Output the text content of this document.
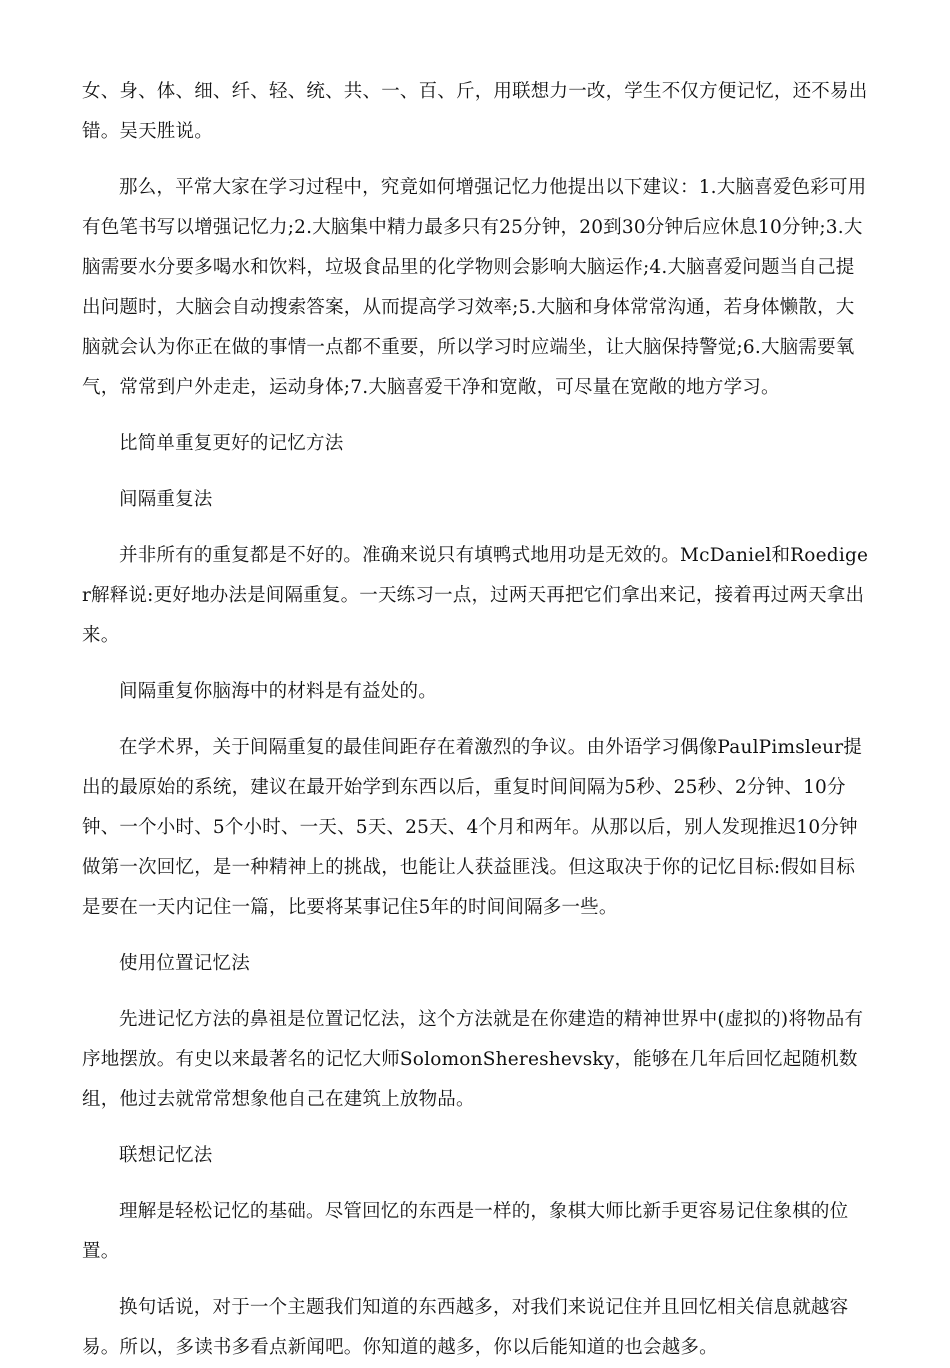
女、身、体、细、纤、轻、统、共、一、百、斤，用联想力一改，学生不仅方便记忆，还不易出错。吴天胜说。

那么，平常大家在学习过程中，究竟如何增强记忆力他提出以下建议：1.大脑喜爱色彩可用有色笔书写以增强记忆力;2.大脑集中精力最多只有25分钟，20到30分钟后应休息10分钟;3.大脑需要水分要多喝水和饮料，垃圾食品里的化学物则会影响大脑运作;4.大脑喜爱问题当自己提出问题时，大脑会自动搜索答案，从而提高学习效率;5.大脑和身体常常沟通，若身体懒散，大脑就会认为你正在做的事情一点都不重要，所以学习时应端坐，让大脑保持警觉;6.大脑需要氧气，常常到户外走走，运动身体;7.大脑喜爱干净和宽敞，可尽量在宽敞的地方学习。

比简单重复更好的记忆方法

间隔重复法

并非所有的重复都是不好的。准确来说只有填鸭式地用功是无效的。McDaniel和Roediger解释说:更好地办法是间隔重复。一天练习一点，过两天再把它们拿出来记，接着再过两天拿出来。

间隔重复你脑海中的材料是有益处的。

在学术界，关于间隔重复的最佳间距存在着激烈的争议。由外语学习偶像PaulPimsleur提出的最原始的系统，建议在最开始学到东西以后，重复时间间隔为5秒、25秒、2分钟、10分钟、一个小时、5个小时、一天、5天、25天、4个月和两年。从那以后，别人发现推迟10分钟做第一次回忆，是一种精神上的挑战，也能让人获益匪浅。但这取决于你的记忆目标:假如目标是要在一天内记住一篇，比要将某事记住5年的时间间隔多一些。

使用位置记忆法

先进记忆方法的鼻祖是位置记忆法，这个方法就是在你建造的精神世界中(虚拟的)将物品有序地摆放。有史以来最著名的记忆大师SolomonShereshevsky，能够在几年后回忆起随机数组，他过去就常常想象他自己在建筑上放物品。

联想记忆法

理解是轻松记忆的基础。尽管回忆的东西是一样的，象棋大师比新手更容易记住象棋的位置。

换句话说，对于一个主题我们知道的东西越多，对我们来说记住并且回忆相关信息就越容易。所以，多读书多看点新闻吧。你知道的越多，你以后能知道的也会越多。
